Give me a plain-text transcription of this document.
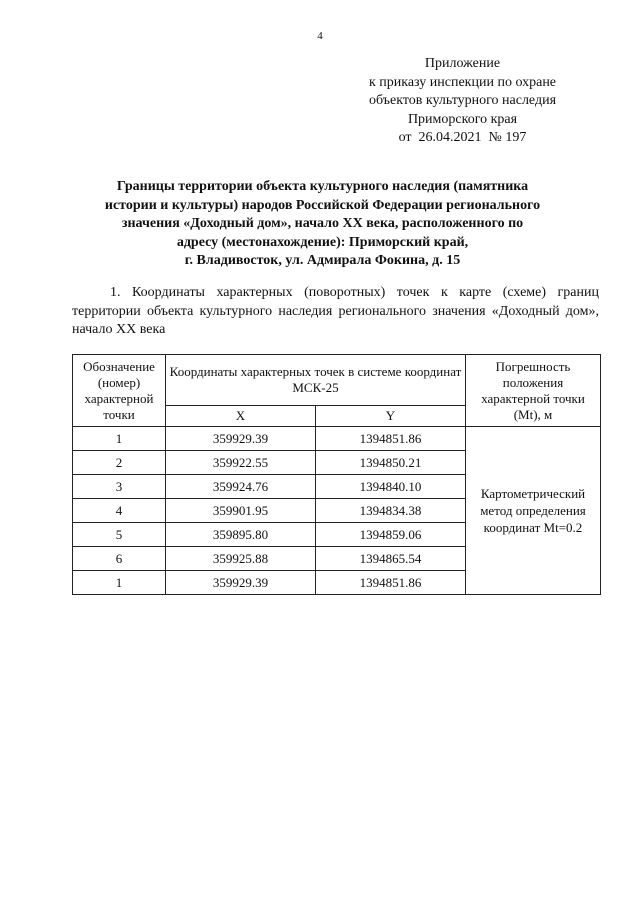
4
Приложение
к приказу инспекции по охране
объектов культурного наследия
Приморского края
от  26.04.2021  № 197
Границы территории объекта культурного наследия (памятника
истории и культуры) народов Российской Федерации регионального
значения «Доходный дом», начало XX века, расположенного по
адресу (местонахождение): Приморский край,
г. Владивосток, ул. Адмирала Фокина, д. 15
1. Координаты характерных (поворотных) точек к карте (схеме) границ территории объекта культурного наследия регионального значения «Доходный дом», начало XX века
Обозначение (номер) характерной точки	Координаты характерных точек в системе координат МСК-25		Погрешность положения характерной точки (Mt), м
	X	Y	
1	359929.39	1394851.86	Картометрический метод определения координат Mt=0.2
2	359922.55	1394850.21	
3	359924.76	1394840.10	
4	359901.95	1394834.38	
5	359895.80	1394859.06	
6	359925.88	1394865.54	
1	359929.39	1394851.86	
